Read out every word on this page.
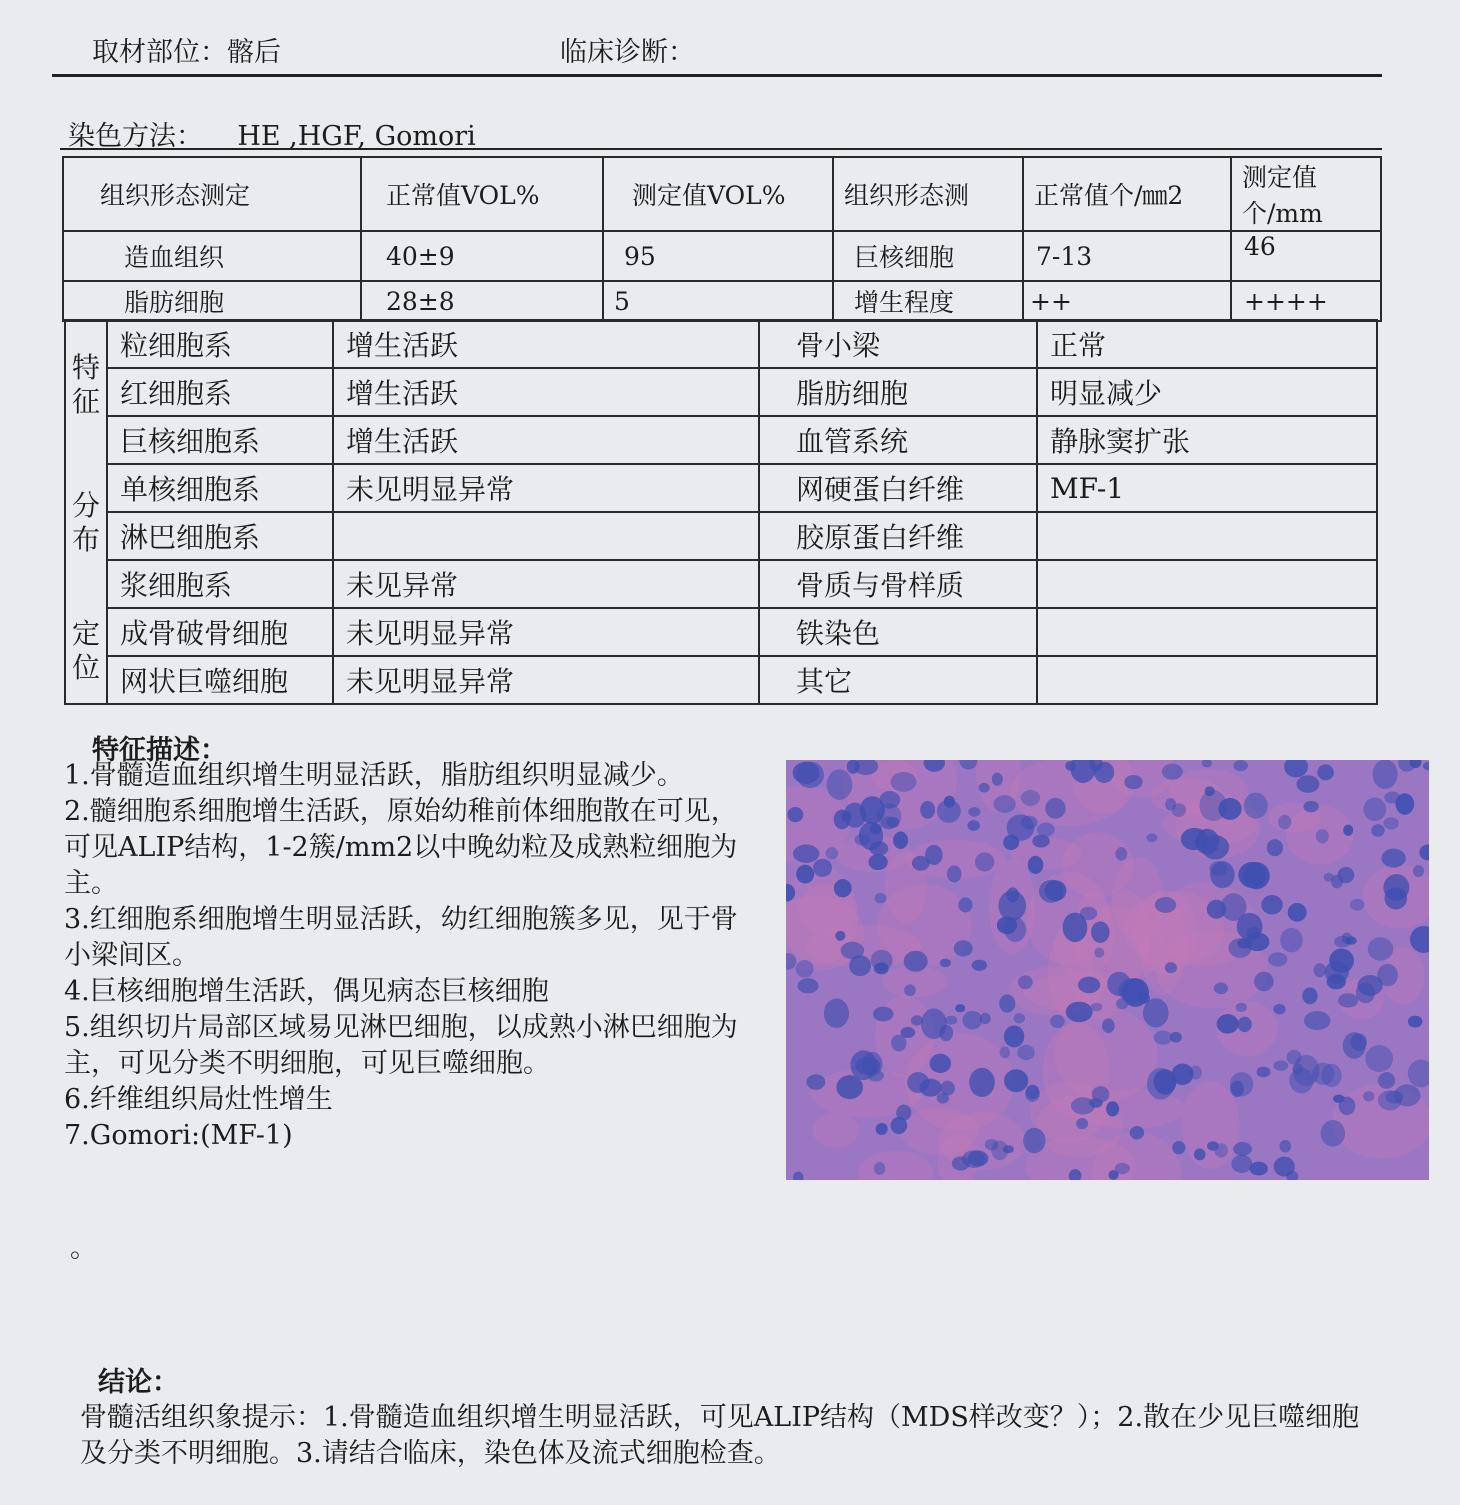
取材部位：髂后	临床诊断：
染色方法： HE ,HGF, Gomori
组织形态测定	正常值VOL%	测定值VOL%	组织形态测	正常值个/㎜2	测定值个/mm
造血组织	40±9	95	巨核细胞	7-13	46
脂肪细胞	28±8	5	增生程度	++	++++
特征
分布
定位	粒细胞系	增生活跃	骨小梁	正常
	红细胞系	增生活跃	脂肪细胞	明显减少
	巨核细胞系	增生活跃	血管系统	静脉窦扩张
	单核细胞系	未见明显异常	网硬蛋白纤维	MF-1
	淋巴细胞系		胶原蛋白纤维	
	浆细胞系	未见异常	骨质与骨样质	
	成骨破骨细胞	未见明显异常	铁染色	
	网状巨噬细胞	未见明显异常	其它	
特征描述：

1.骨髓造血组织增生明显活跃，脂肪组织明显减少。

2.髓细胞系细胞增生活跃，原始幼稚前体细胞散在可见，可见ALIP结构，1-2簇/mm2以中晚幼粒及成熟粒细胞为主。

3.红细胞系细胞增生明显活跃，幼红细胞簇多见，见于骨小梁间区。

4.巨核细胞增生活跃，偶见病态巨核细胞

5.组织切片局部区域易见淋巴细胞，以成熟小淋巴细胞为主，可见分类不明细胞，可见巨噬细胞。

6.纤维组织局灶性增生

7.Gomori:(MF-1)

。
结论：
骨髓活组织象提示：1.骨髓造血组织增生明显活跃，可见ALIP结构（MDS样改变？）；2.散在少见巨噬细胞及分类不明细胞。3.请结合临床，染色体及流式细胞检查。
